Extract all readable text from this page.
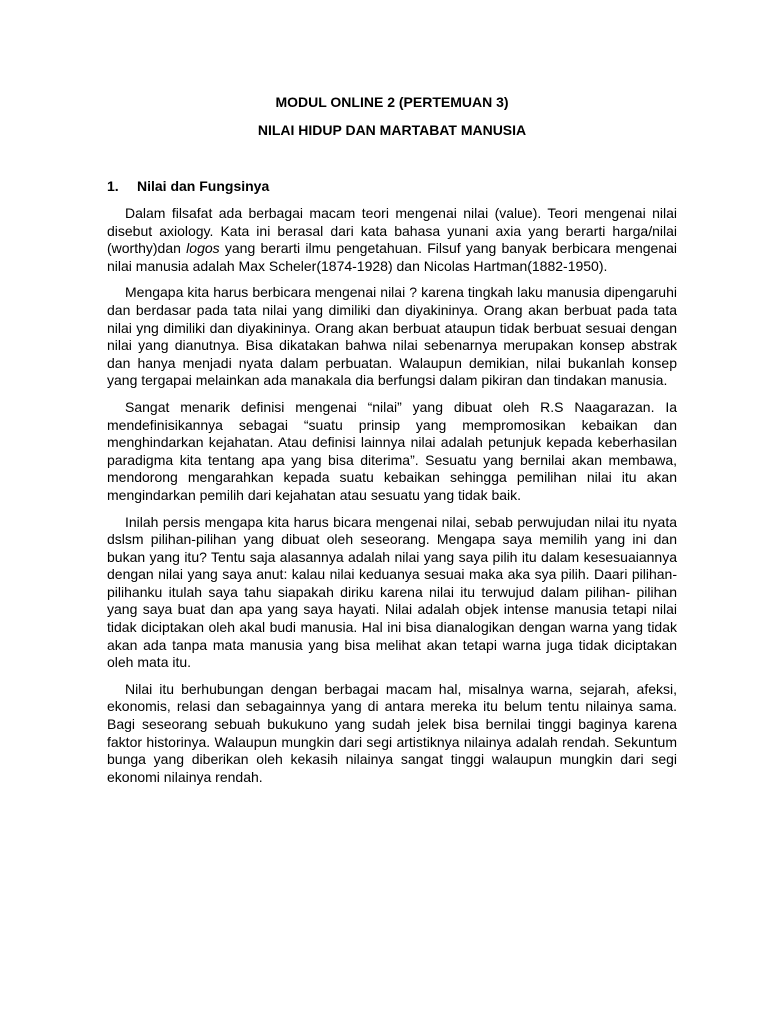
MODUL ONLINE 2 (PERTEMUAN 3)

NILAI HIDUP DAN MARTABAT MANUSIA

1. Nilai dan Fungsinya

Dalam filsafat ada berbagai macam teori mengenai nilai (value). Teori mengenai nilai disebut axiology. Kata ini berasal dari kata bahasa yunani axia yang berarti harga/nilai (worthy)dan logos yang berarti ilmu pengetahuan. Filsuf yang banyak berbicara mengenai nilai manusia adalah Max Scheler(1874-1928) dan Nicolas Hartman(1882-1950).

Mengapa kita harus berbicara mengenai nilai ? karena tingkah laku manusia dipengaruhi dan berdasar pada tata nilai yang dimiliki dan diyakininya. Orang akan berbuat pada tata nilai yng dimiliki dan diyakininya. Orang akan berbuat ataupun tidak berbuat sesuai dengan nilai yang dianutnya. Bisa dikatakan bahwa nilai sebenarnya merupakan konsep abstrak dan hanya menjadi nyata dalam perbuatan. Walaupun demikian, nilai bukanlah konsep yang tergapai melainkan ada manakala dia berfungsi dalam pikiran dan tindakan manusia.

Sangat menarik definisi mengenai “nilai” yang dibuat oleh R.S Naagarazan. Ia mendefinisikannya sebagai “suatu prinsip yang mempromosikan kebaikan dan menghindarkan kejahatan. Atau definisi lainnya nilai adalah petunjuk kepada keberhasilan paradigma kita tentang apa yang bisa diterima”. Sesuatu yang bernilai akan membawa, mendorong mengarahkan kepada suatu kebaikan sehingga pemilihan nilai itu akan mengindarkan pemilih dari kejahatan atau sesuatu yang tidak baik.

Inilah persis mengapa kita harus bicara mengenai nilai, sebab perwujudan nilai itu nyata dslsm pilihan-pilihan yang dibuat oleh seseorang. Mengapa saya memilih yang ini dan bukan yang itu? Tentu saja alasannya adalah nilai yang saya pilih itu dalam kesesuaiannya dengan nilai yang saya anut: kalau nilai keduanya sesuai maka aka sya pilih. Daari pilihan-pilihanku itulah saya tahu siapakah diriku karena nilai itu terwujud dalam pilihan- pilihan yang saya buat dan apa yang saya hayati. Nilai adalah objek intense manusia tetapi nilai tidak diciptakan oleh akal budi manusia. Hal ini bisa dianalogikan dengan warna yang tidak akan ada tanpa mata manusia yang bisa melihat akan tetapi warna juga tidak diciptakan oleh mata itu.

Nilai itu berhubungan dengan berbagai macam hal, misalnya warna, sejarah, afeksi, ekonomis, relasi dan sebagainnya yang di antara mereka itu belum tentu nilainya sama. Bagi seseorang sebuah bukukuno yang sudah jelek bisa bernilai tinggi baginya karena faktor historinya. Walaupun mungkin dari segi artistiknya nilainya adalah rendah. Sekuntum bunga yang diberikan oleh kekasih nilainya sangat tinggi walaupun mungkin dari segi ekonomi nilainya rendah.
